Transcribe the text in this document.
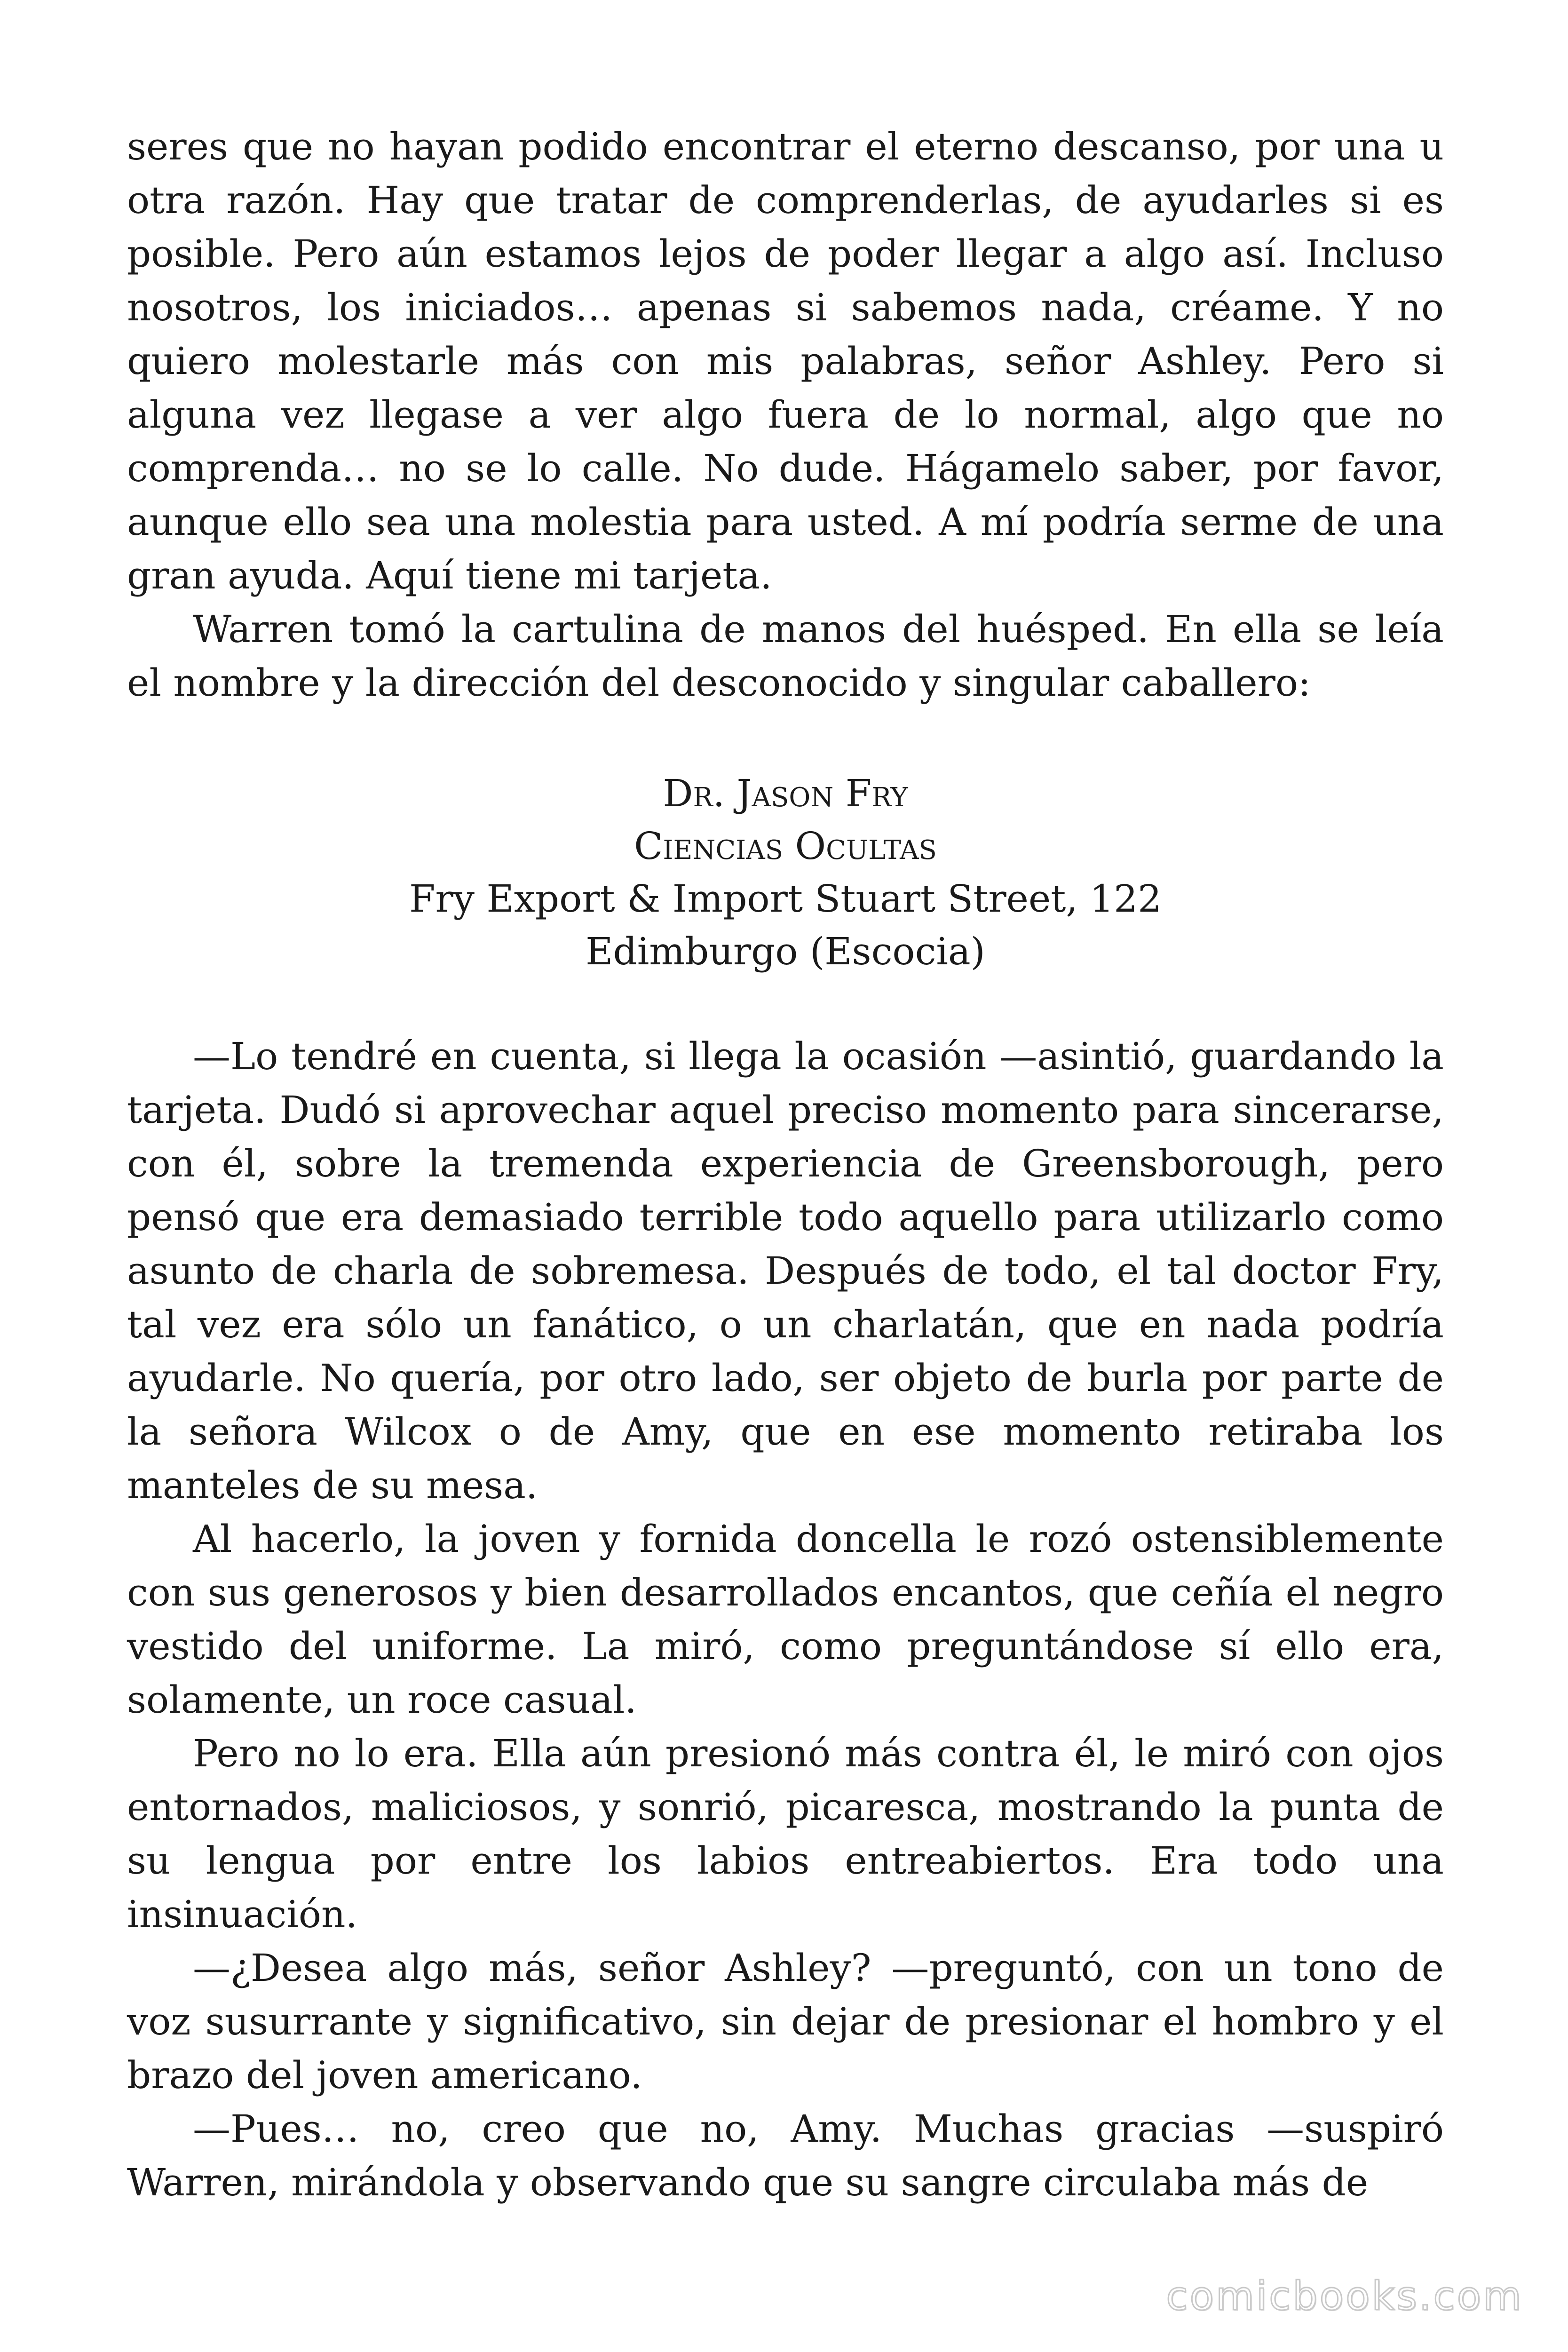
seres que no hayan podido encontrar el eterno descanso, por una u otra razón. Hay que tratar de comprenderlas, de ayudarles si es posible. Pero aún estamos lejos de poder llegar a algo así. Incluso nosotros, los iniciados… apenas si sabemos nada, créame. Y no quiero molestarle más con mis palabras, señor Ashley. Pero si alguna vez llegase a ver algo fuera de lo normal, algo que no comprenda… no se lo calle. No dude. Hágamelo saber, por favor, aunque ello sea una molestia para usted. A mí podría serme de una gran ayuda. Aquí tiene mi tarjeta.

Warren tomó la cartulina de manos del huésped. En ella se leía el nombre y la dirección del desconocido y singular caballero:

Dr. Jason Fry
Ciencias Ocultas
Fry Export & Import Stuart Street, 122
Edimburgo (Escocia)

—Lo tendré en cuenta, si llega la ocasión —asintió, guardando la tarjeta. Dudó si aprovechar aquel preciso momento para sincerarse, con él, sobre la tremenda experiencia de Greensborough, pero pensó que era demasiado terrible todo aquello para utilizarlo como asunto de charla de sobremesa. Después de todo, el tal doctor Fry, tal vez era sólo un fanático, o un charlatán, que en nada podría ayudarle. No quería, por otro lado, ser objeto de burla por parte de la señora Wilcox o de Amy, que en ese momento retiraba los manteles de su mesa.

Al hacerlo, la joven y fornida doncella le rozó ostensiblemente con sus generosos y bien desarrollados encantos, que ceñía el negro vestido del uniforme. La miró, como preguntándose sí ello era, solamente, un roce casual.

Pero no lo era. Ella aún presionó más contra él, le miró con ojos entornados, maliciosos, y sonrió, picaresca, mostrando la punta de su lengua por entre los labios entreabiertos. Era todo una insinuación.

—¿Desea algo más, señor Ashley? —preguntó, con un tono de voz susurrante y significativo, sin dejar de presionar el hombro y el brazo del joven americano.

—Pues… no, creo que no, Amy. Muchas gracias —suspiró Warren, mirándola y observando que su sangre circulaba más de

comicbooks.com
